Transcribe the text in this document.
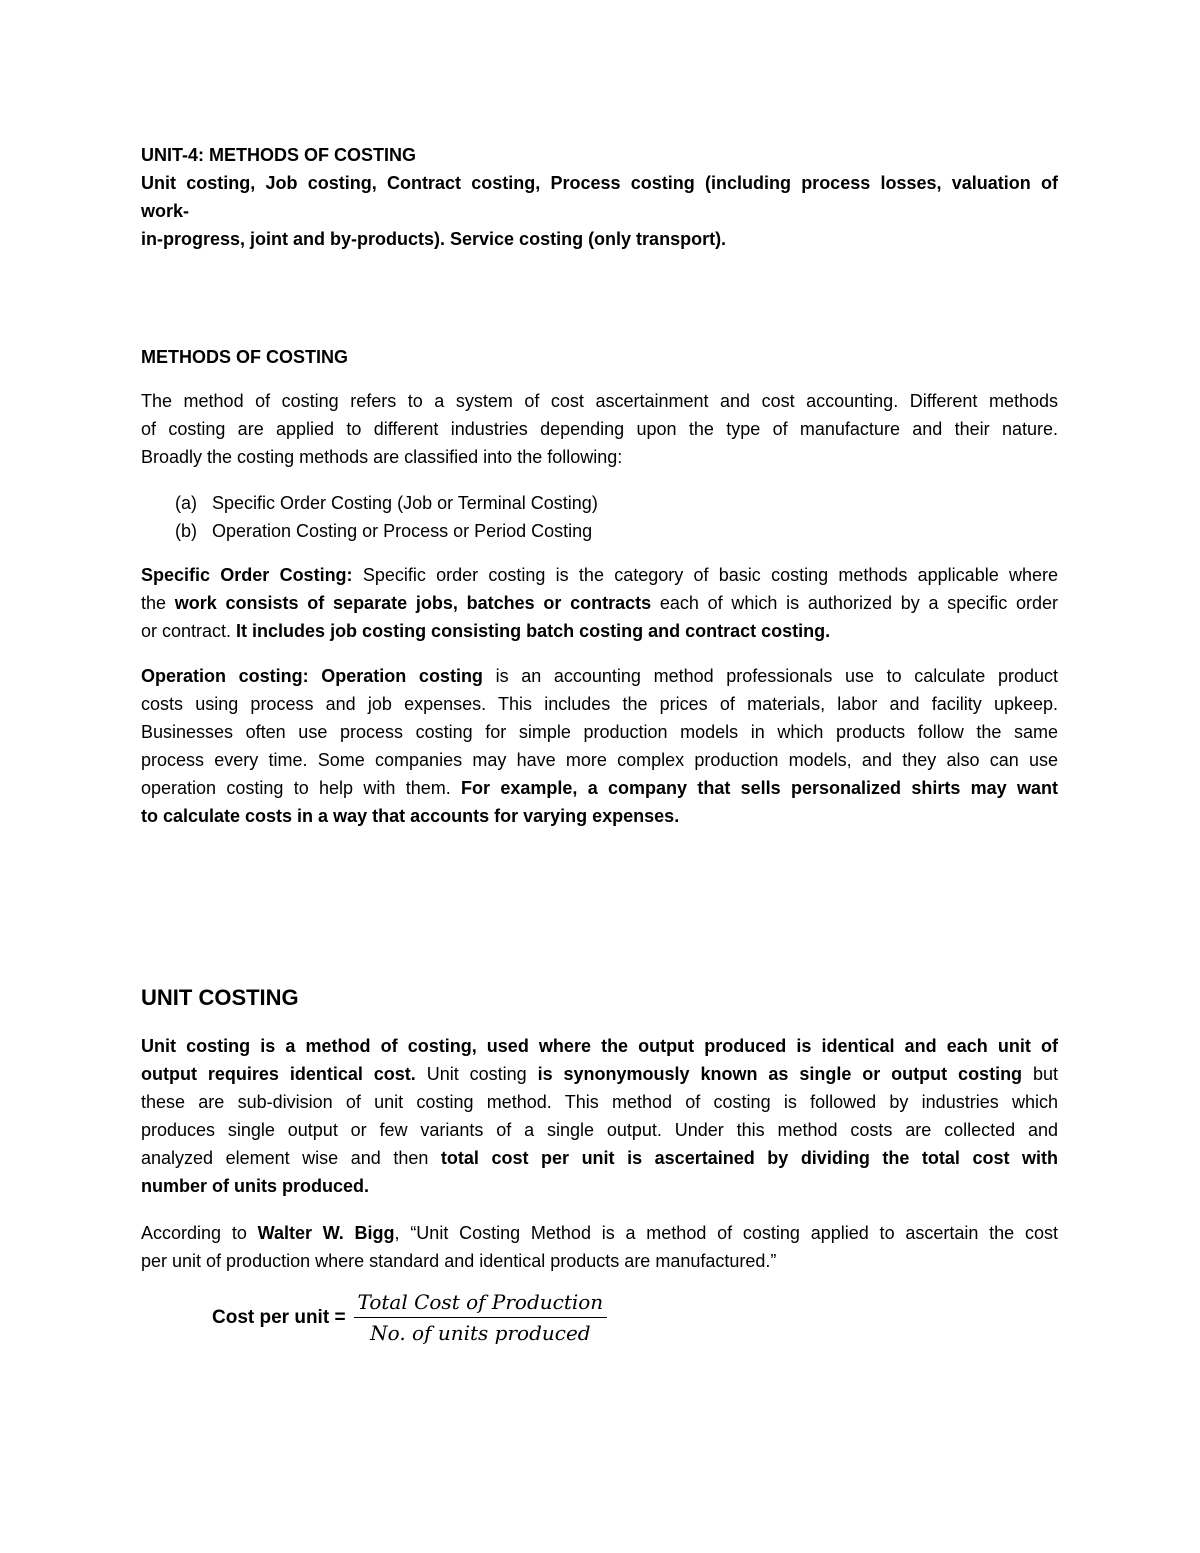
UNIT-4: METHODS OF COSTING

Unit costing, Job costing, Contract costing, Process costing (including process losses, valuation of

work-

in-progress, joint and by-products). Service costing (only transport).

METHODS OF COSTING

The method of costing refers to a system of cost ascertainment and cost accounting. Different methods

of costing are applied to different industries depending upon the type of manufacture and their nature.

Broadly the costing methods are classified into the following:

(a) Specific Order Costing (Job or Terminal Costing)
(b) Operation Costing or Process or Period Costing

Specific Order Costing: Specific order costing is the category of basic costing methods applicable where

the work consists of separate jobs, batches or contracts each of which is authorized by a specific order

or contract. It includes job costing consisting batch costing and contract costing.

Operation costing: Operation costing is an accounting method professionals use to calculate product

costs using process and job expenses. This includes the prices of materials, labor and facility upkeep.

Businesses often use process costing for simple production models in which products follow the same

process every time. Some companies may have more complex production models, and they also can use

operation costing to help with them. For example, a company that sells personalized shirts may want

to calculate costs in a way that accounts for varying expenses.

UNIT COSTING

Unit costing is a method of costing, used where the output produced is identical and each unit of

output requires identical cost. Unit costing is synonymously known as single or output costing but

these are sub-division of unit costing method. This method of costing is followed by industries which

produces single output or few variants of a single output. Under this method costs are collected and

analyzed element wise and then total cost per unit is ascertained by dividing the total cost with

number of units produced.

According to Walter W. Bigg, “Unit Costing Method is a method of costing applied to ascertain the cost

per unit of production where standard and identical products are manufactured.”

Cost per unit = $\frac{\text{Total Cost of Production}}{\text{No. of units produced}}$
